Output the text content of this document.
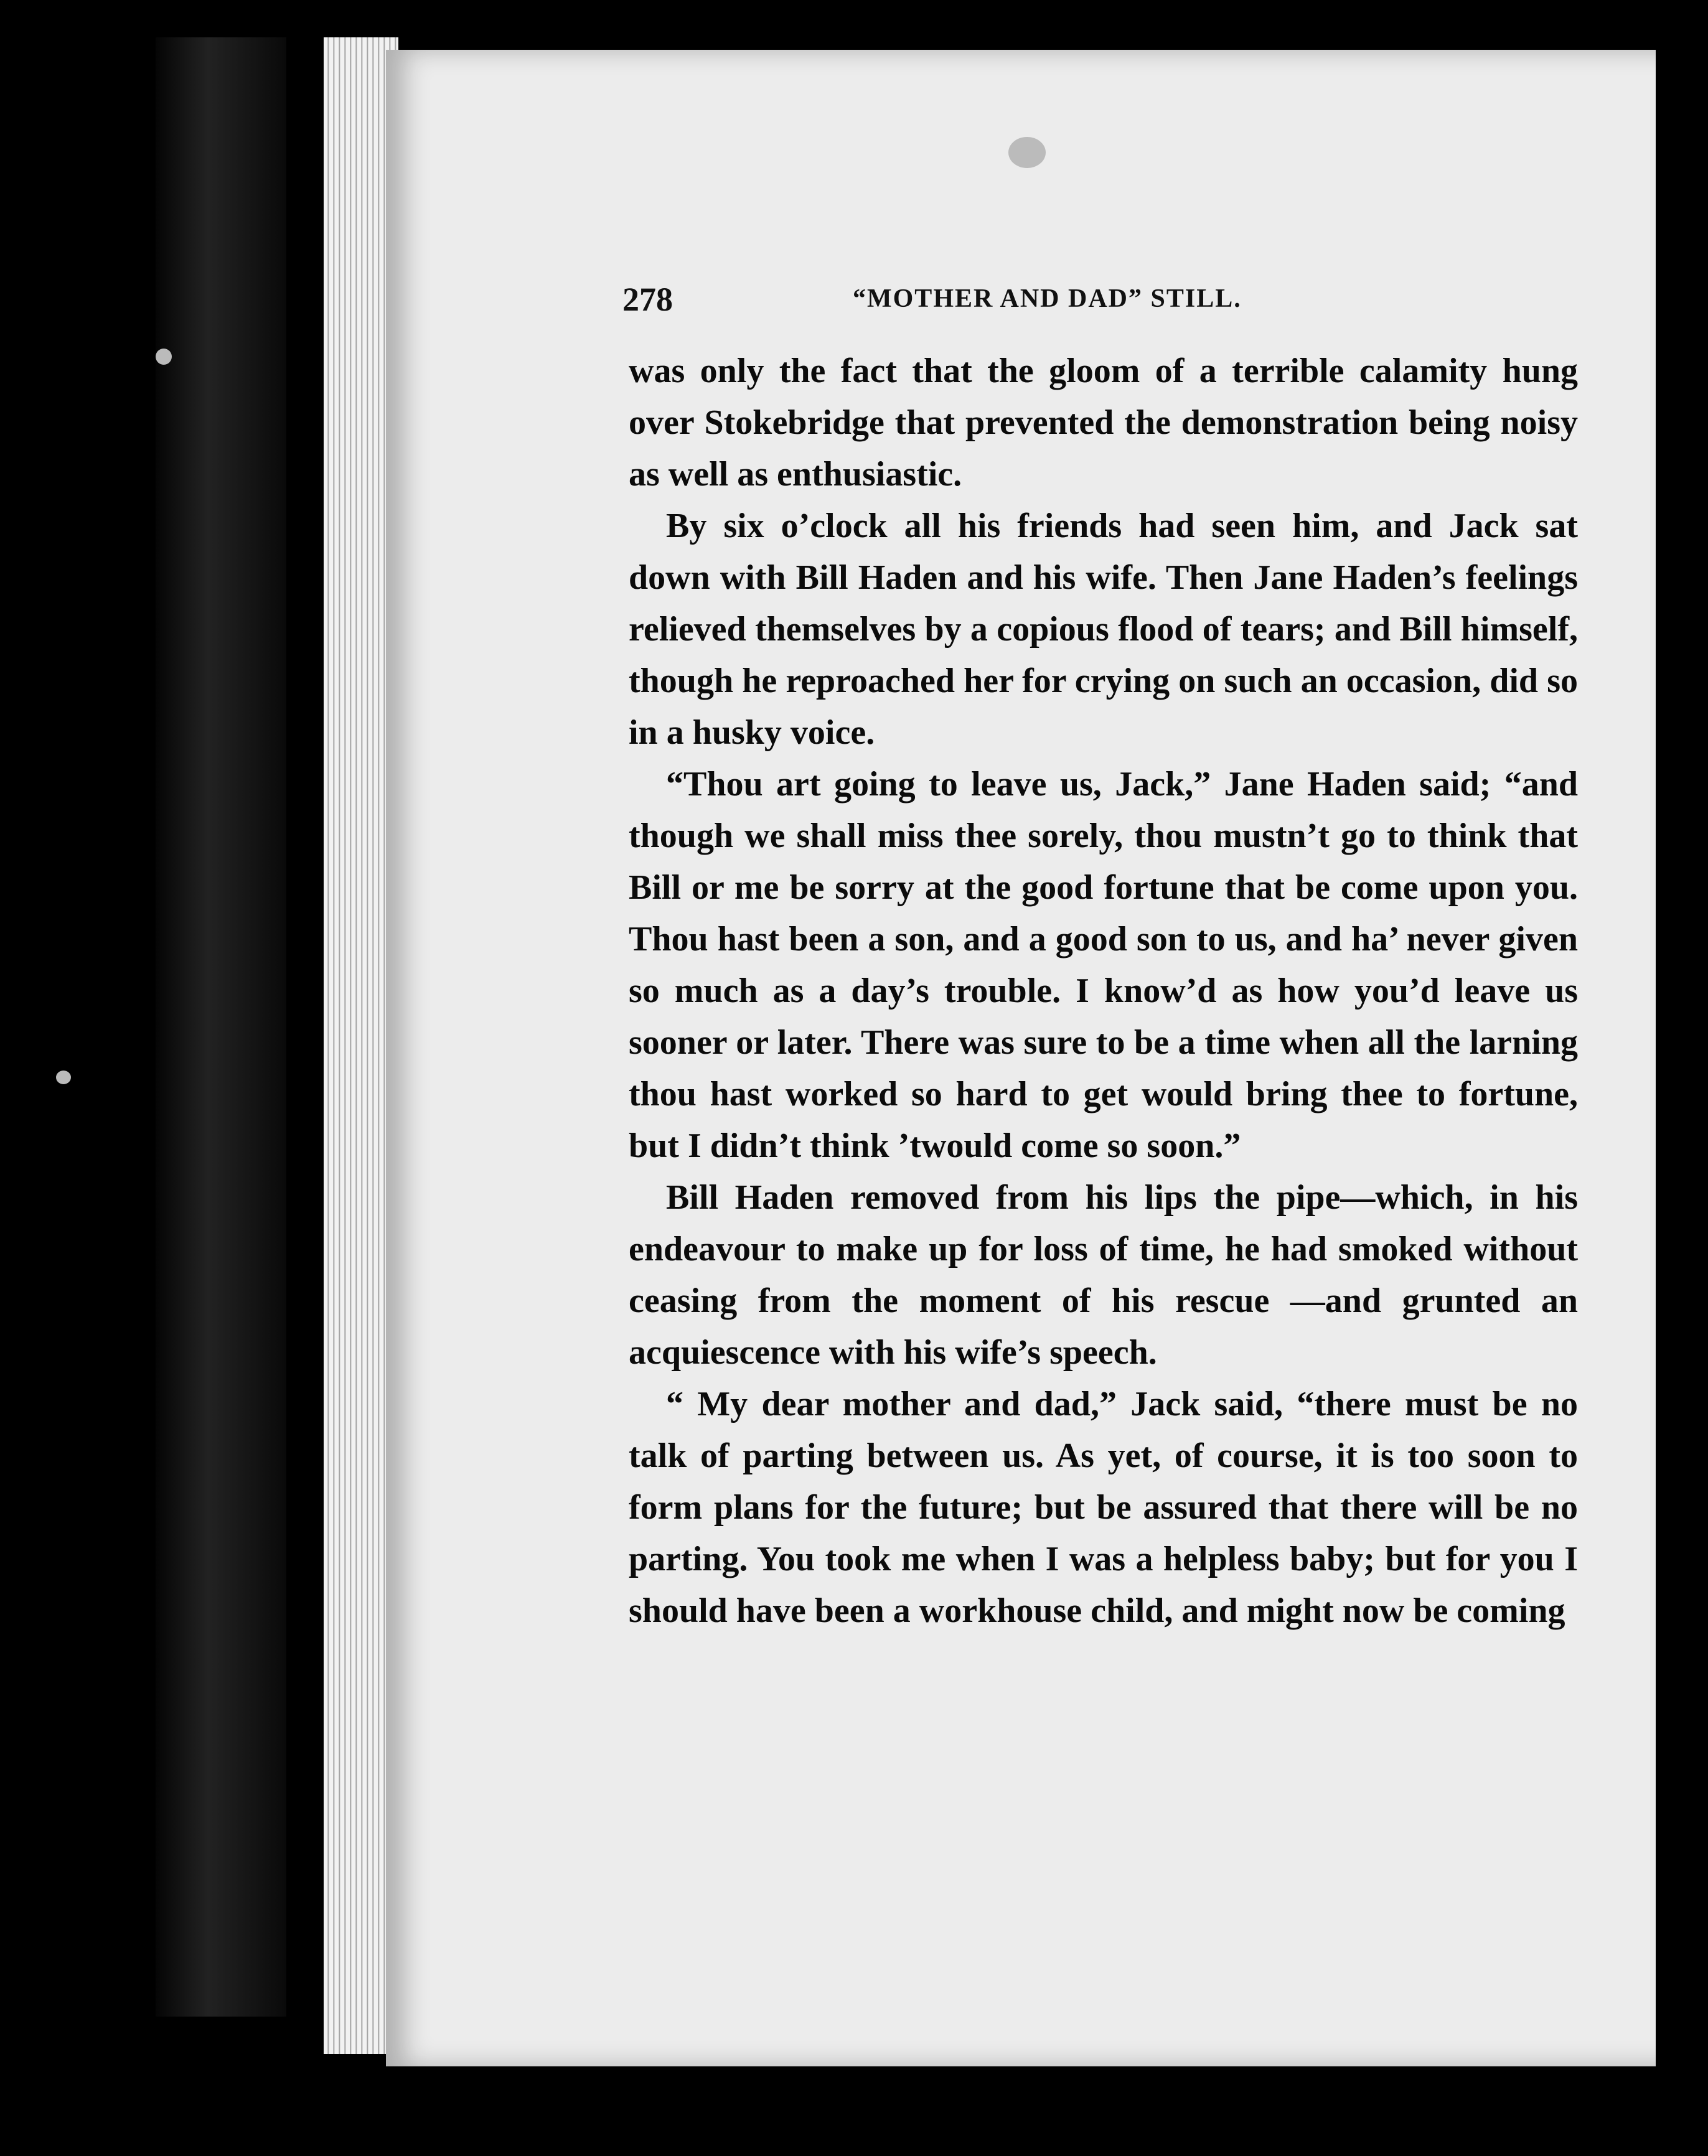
278	“MOTHER AND DAD” STILL.

was only the fact that the gloom of a terrible calamity hung over Stokebridge that prevented the demonstration being noisy as well as enthusiastic.

By six o’clock all his friends had seen him, and Jack sat down with Bill Haden and his wife. Then Jane Haden’s feelings relieved themselves by a copious flood of tears; and Bill himself, though he reproached her for crying on such an occasion, did so in a husky voice.

“Thou art going to leave us, Jack,” Jane Haden said; “and though we shall miss thee sorely, thou mustn’t go to think that Bill or me be sorry at the good fortune that be come upon you. Thou hast been a son, and a good son to us, and ha’ never given so much as a day’s trouble. I know’d as how you’d leave us sooner or later. There was sure to be a time when all the larning thou hast worked so hard to get would bring thee to fortune, but I didn’t think ’twould come so soon.”

Bill Haden removed from his lips the pipe—which, in his endeavour to make up for loss of time, he had smoked without ceasing from the moment of his rescue —and grunted an acquiescence with his wife’s speech.

“ My dear mother and dad,” Jack said, “there must be no talk of parting between us. As yet, of course, it is too soon to form plans for the future; but be assured that there will be no parting. You took me when I was a helpless baby; but for you I should have been a workhouse child, and might now be coming
